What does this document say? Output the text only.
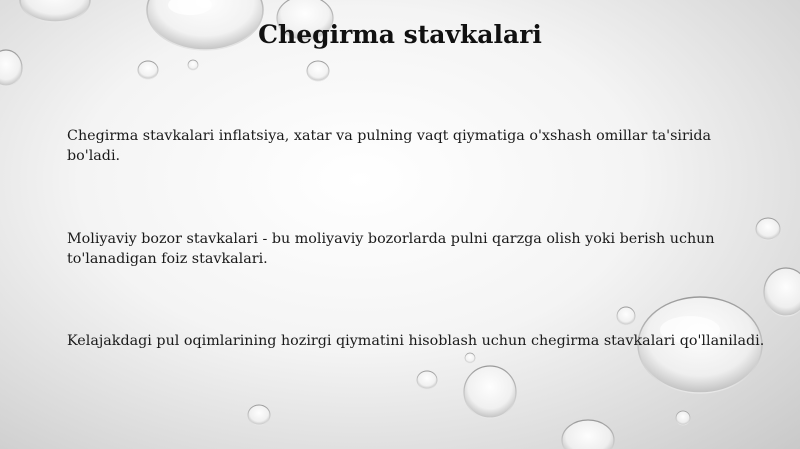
Chegirma stavkalari

Chegirma stavkalari inflatsiya, xatar va pulning vaqt qiymatiga o'xshash omillar ta'sirida bo'ladi.

Moliyaviy bozor stavkalari - bu moliyaviy bozorlarda pulni qarzga olish yoki berish uchun to'lanadigan foiz stavkalari.

Kelajakdagi pul oqimlarining hozirgi qiymatini hisoblash uchun chegirma stavkalari qo'llaniladi.
